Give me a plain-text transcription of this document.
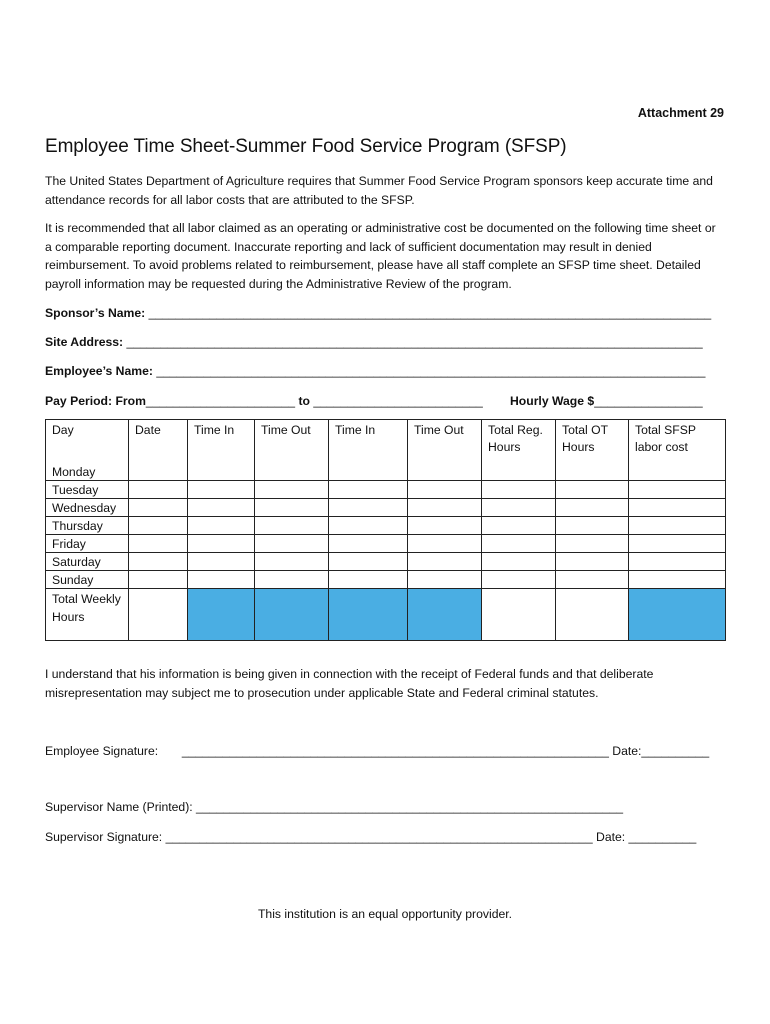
Attachment 29
Employee Time Sheet-Summer Food Service Program (SFSP)

The United States Department of Agriculture requires that Summer Food Service Program sponsors keep accurate time and attendance records for all labor costs that are attributed to the SFSP.

It is recommended that all labor claimed as an operating or administrative cost be documented on the following time sheet or a comparable reporting document. Inaccurate reporting and lack of sufficient documentation may result in denied reimbursement. To avoid problems related to reimbursement, please have all staff complete an SFSP time sheet. Detailed payroll information may be requested during the Administrative Review of the program.

Sponsor’s Name: ___________________________________________________________________________________
Site Address: _____________________________________________________________________________________
Employee’s Name: _________________________________________________________________________________
Pay Period: From______________________ to _________________________ Hourly Wage $________________
Day	Date	Time In	Time Out	Time In	Time Out	Total Reg. Hours	Total OT Hours	Total SFSP labor cost
Monday								
Tuesday								
Wednesday								
Thursday								
Friday								
Saturday								
Sunday								
Total Weekly Hours								

I understand that his information is being given in connection with the receipt of Federal funds and that deliberate misrepresentation may subject me to prosecution under applicable State and Federal criminal statutes.

Employee Signature: _______________________________________________________________ Date:__________
Supervisor Name (Printed): _______________________________________________________________
Supervisor Signature: _______________________________________________________________ Date: __________
This institution is an equal opportunity provider.
